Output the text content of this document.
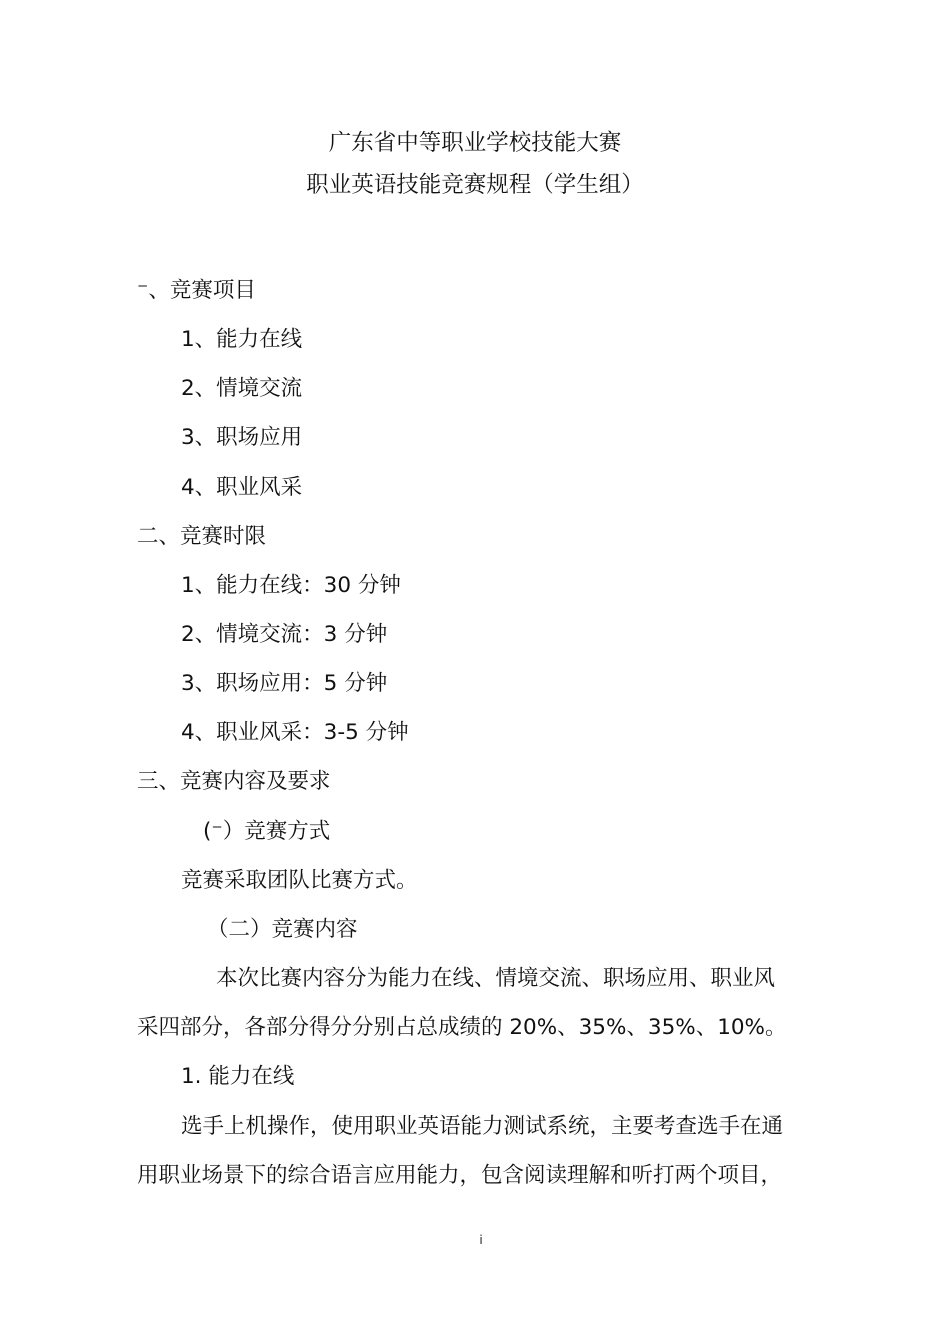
广东省中等职业学校技能大赛
职业英语技能竞赛规程（学生组）
⁻、竞赛项目
1、能力在线
2、情境交流
3、职场应用
4、职业风采
二、竞赛时限
1、能力在线：30 分钟
2、情境交流：3 分钟
3、职场应用：5 分钟
4、职业风采：3-5 分钟
三、竞赛内容及要求
(⁻）竞赛方式
竞赛采取团队比赛方式。
（二）竞赛内容
本次比赛内容分为能力在线、情境交流、职场应用、职业风
采四部分，各部分得分分别占总成绩的 20%、35%、35%、10%。
1. 能力在线
选手上机操作，使用职业英语能力测试系统，主要考查选手在通
用职业场景下的综合语言应用能力，包含阅读理解和听打两个项目，
i
